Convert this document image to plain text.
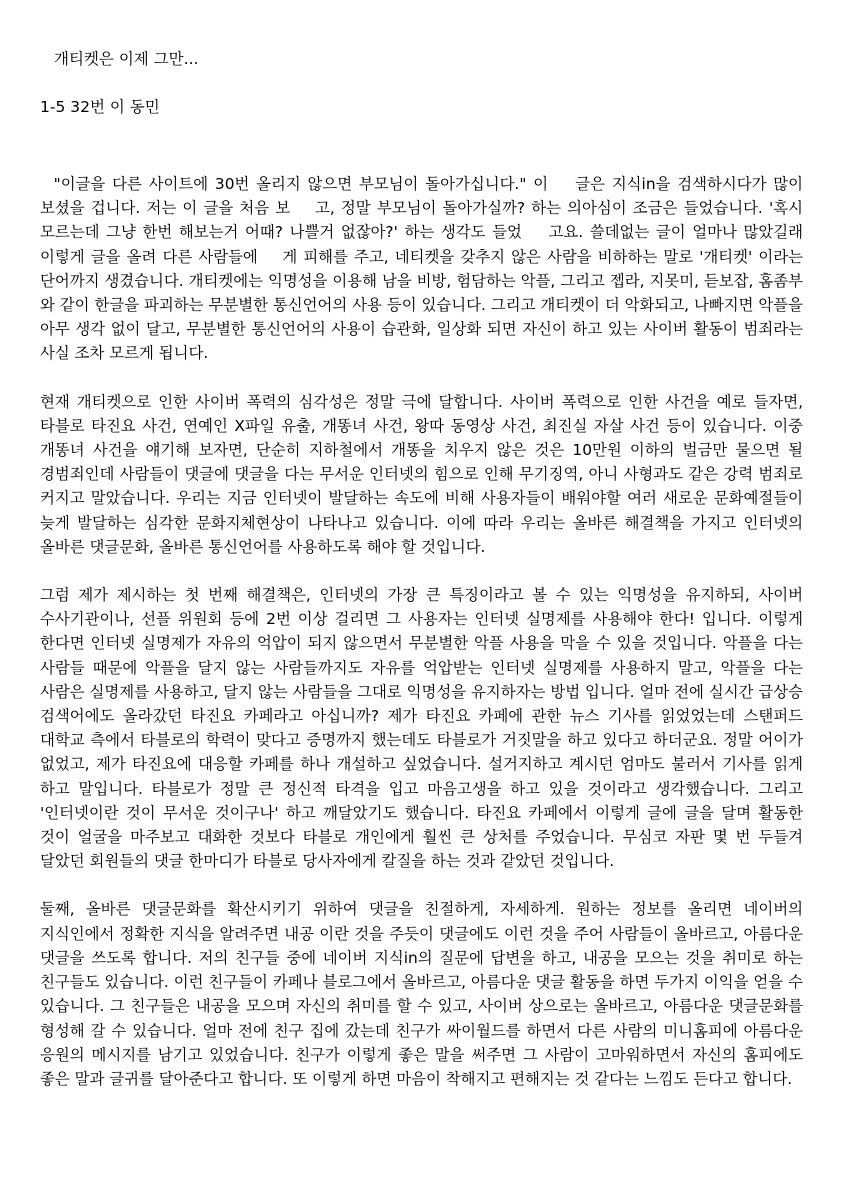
개티켓은 이제 그만...
1-5 32번 이 동민

"이글을 다른 사이트에 30번 올리지 않으면 부모님이 돌아가십니다." 이    글은 지식in을 검색하시다가 많이 보셨을 겁니다. 저는 이 글을 처음 보    고, 정말 부모님이 돌아가실까? 하는 의아심이 조금은 들었습니다. '혹시    모르는데 그냥 한번 해보는거 어때? 나쁠거 없잖아?' 하는 생각도 들었    고요. 쓸데없는 글이 얼마나 많았길래 이렇게 글을 올려 다른 사람들에    게 피해를 주고, 네티켓을 갖추지 않은 사람을 비하하는 말로 '개티켓' 이라는 단어까지 생겼습니다. 개티켓에는 익명성을 이용해 남을 비방, 험담하는 악플, 그리고 젭라, 지못미, 듣보잡, 홈좀부 와 같이 한글을 파괴하는 무분별한 통신언어의 사용 등이 있습니다. 그리고 개티켓이 더 악화되고, 나빠지면 악플을 아무 생각 없이 달고, 무분별한 통신언어의 사용이 습관화, 일상화 되면 자신이 하고 있는 사이버 활동이 범죄라는 사실 조차 모르게 됩니다.

현재 개티켓으로 인한 사이버 폭력의 심각성은 정말 극에 달합니다. 사이버 폭력으로 인한 사건을 예로 들자면, 타블로 타진요 사건, 연예인 X파일 유출, 개똥녀 사건, 왕따 동영상 사건, 최진실 자살 사건 등이 있습니다. 이중 개똥녀 사건을 얘기해 보자면, 단순히 지하철에서 개똥을 치우지 않은 것은 10만원 이하의 벌금만 물으면 될 경범죄인데 사람들이 댓글에 댓글을 다는 무서운 인터넷의 힘으로 인해 무기징역, 아니 사형과도 같은 강력 범죄로 커지고 말았습니다. 우리는 지금 인터넷이 발달하는 속도에 비해 사용자들이 배워야할 여러 새로운 문화예절들이 늦게 발달하는 심각한 문화지체현상이 나타나고 있습니다. 이에 따라 우리는 올바른 해결책을 가지고 인터넷의 올바른 댓글문화, 올바른 통신언어를 사용하도록 해야 할 것입니다.

그럼 제가 제시하는 첫 번째 해결책은, 인터넷의 가장 큰 특징이라고 볼 수 있는 익명성을 유지하되, 사이버 수사기관이나, 선플 위원회 등에 2번 이상 걸리면 그 사용자는 인터넷 실명제를 사용해야 한다! 입니다. 이렇게 한다면 인터넷 실명제가 자유의 억압이 되지 않으면서 무분별한 악플 사용을 막을 수 있을 것입니다. 악플을 다는 사람들 때문에 악플을 달지 않는 사람들까지도 자유를 억압받는 인터넷 실명제를 사용하지 말고, 악플을 다는 사람은 실명제를 사용하고, 달지 않는 사람들을 그대로 익명성을 유지하자는 방법 입니다. 얼마 전에 실시간 급상승 검색어에도 올라갔던 타진요 카페라고 아십니까? 제가 타진요 카페에 관한 뉴스 기사를 읽었었는데 스탠퍼드 대학교 측에서 타블로의 학력이 맞다고 증명까지 했는데도 타블로가 거짓말을 하고 있다고 하더군요. 정말 어이가 없었고, 제가 타진요에 대응할 카페를 하나 개설하고 싶었습니다. 설거지하고 계시던 엄마도 불러서 기사를 읽게 하고 말입니다. 타블로가 정말 큰 정신적 타격을 입고 마음고생을 하고 있을 것이라고 생각했습니다. 그리고 '인터넷이란 것이 무서운 것이구나' 하고 깨달았기도 했습니다. 타진요 카페에서 이렇게 글에 글을 달며 활동한 것이 얼굴을 마주보고 대화한 것보다 타블로 개인에게 훨씬 큰 상처를 주었습니다. 무심코 자판 몇 번 두들겨 달았던 회원들의 댓글 한마디가 타블로 당사자에게 칼질을 하는 것과 같았던 것입니다.

둘째, 올바른 댓글문화를 확산시키기 위하여 댓글을 친절하게, 자세하게. 원하는 정보를 올리면 네이버의 지식인에서 정확한 지식을 알려주면 내공 이란 것을 주듯이 댓글에도 이런 것을 주어 사람들이 올바르고, 아름다운 댓글을 쓰도록 합니다. 저의 친구들 중에 네이버 지식in의 질문에 답변을 하고, 내공을 모으는 것을 취미로 하는 친구들도 있습니다. 이런 친구들이 카페나 블로그에서 올바르고, 아름다운 댓글 활동을 하면 두가지 이익을 얻을 수 있습니다. 그 친구들은 내공을 모으며 자신의 취미를 할 수 있고, 사이버 상으로는 올바르고, 아름다운 댓글문화를 형성해 갈 수 있습니다. 얼마 전에 친구 집에 갔는데 친구가 싸이월드를 하면서 다른 사람의 미니홈피에 아름다운 응원의 메시지를 남기고 있었습니다. 친구가 이렇게 좋은 말을 써주면 그 사람이 고마워하면서 자신의 홈피에도 좋은 말과 글귀를 달아준다고 합니다. 또 이렇게 하면 마음이 착해지고 편해지는 것 같다는 느낌도 든다고 합니다.
